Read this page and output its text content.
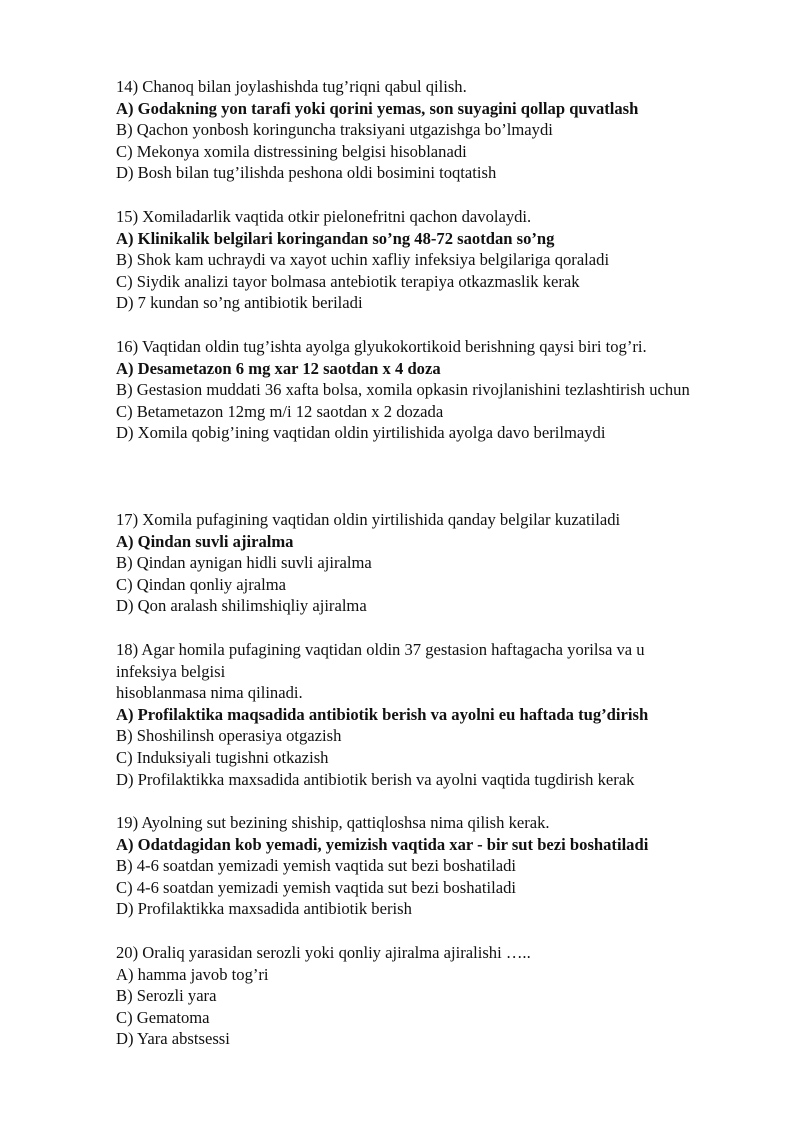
14) Chanoq bilan joylashishda tug’riqni qabul qilish.
A) Godakning yon tarafi yoki qorini yemas, son suyagini qollap quvatlash
B) Qachon yonbosh koringuncha traksiyani utgazishga bo’lmaydi
C) Mekonya xomila distressining belgisi hisoblanadi
D) Bosh bilan tug’ilishda peshona oldi bosimini toqtatish
15) Xomiladarlik vaqtida otkir pielonefritni qachon davolaydi.
A) Klinikalik belgilari koringandan so’ng 48-72 saotdan so’ng
B) Shok kam uchraydi va xayot uchin xafliy infeksiya belgilariga qoraladi
C) Siydik analizi tayor bolmasa antebiotik terapiya otkazmaslik kerak
D) 7 kundan so’ng antibiotik beriladi
16) Vaqtidan oldin tug’ishta ayolga glyukokortikoid berishning qaysi biri tog’ri.
A) Desametazon 6 mg xar 12 saotdan x 4 doza
B) Gestasion muddati 36 xafta bolsa, xomila opkasin rivojlanishini tezlashtirish uchun
C) Betametazon 12mg m/i 12 saotdan x 2 dozada
D) Xomila qobig’ining vaqtidan oldin yirtilishida ayolga davo berilmaydi
17) Xomila pufagining vaqtidan oldin yirtilishida qanday belgilar kuzatiladi
A) Qindan suvli ajiralma
B) Qindan aynigan hidli suvli ajiralma
C) Qindan qonliy ajralma
D) Qon aralash shilimshiqliy ajiralma
18) Agar homila pufagining vaqtidan oldin 37 gestasion haftagacha yorilsa va u
infeksiya belgisi
hisoblanmasa nima qilinadi.
A) Profilaktika maqsadida antibiotik berish va ayolni eu haftada tug’dirish
B) Shoshilinsh operasiya otgazish
C) Induksiyali tugishni otkazish
D) Profilaktikka maxsadida antibiotik berish va ayolni vaqtida tugdirish kerak
19) Ayolning sut bezining shiship, qattiqloshsa nima qilish kerak.
A) Odatdagidan kob yemadi, yemizish vaqtida xar - bir sut bezi boshatiladi
B) 4-6 soatdan yemizadi yemish vaqtida sut bezi boshatiladi
C) 4-6 soatdan yemizadi yemish vaqtida sut bezi boshatiladi
D) Profilaktikka maxsadida antibiotik berish
20) Oraliq yarasidan serozli yoki qonliy ajiralma ajiralishi …..
A) hamma javob tog’ri
B) Serozli yara
C) Gematoma
D) Yara abstsessi
